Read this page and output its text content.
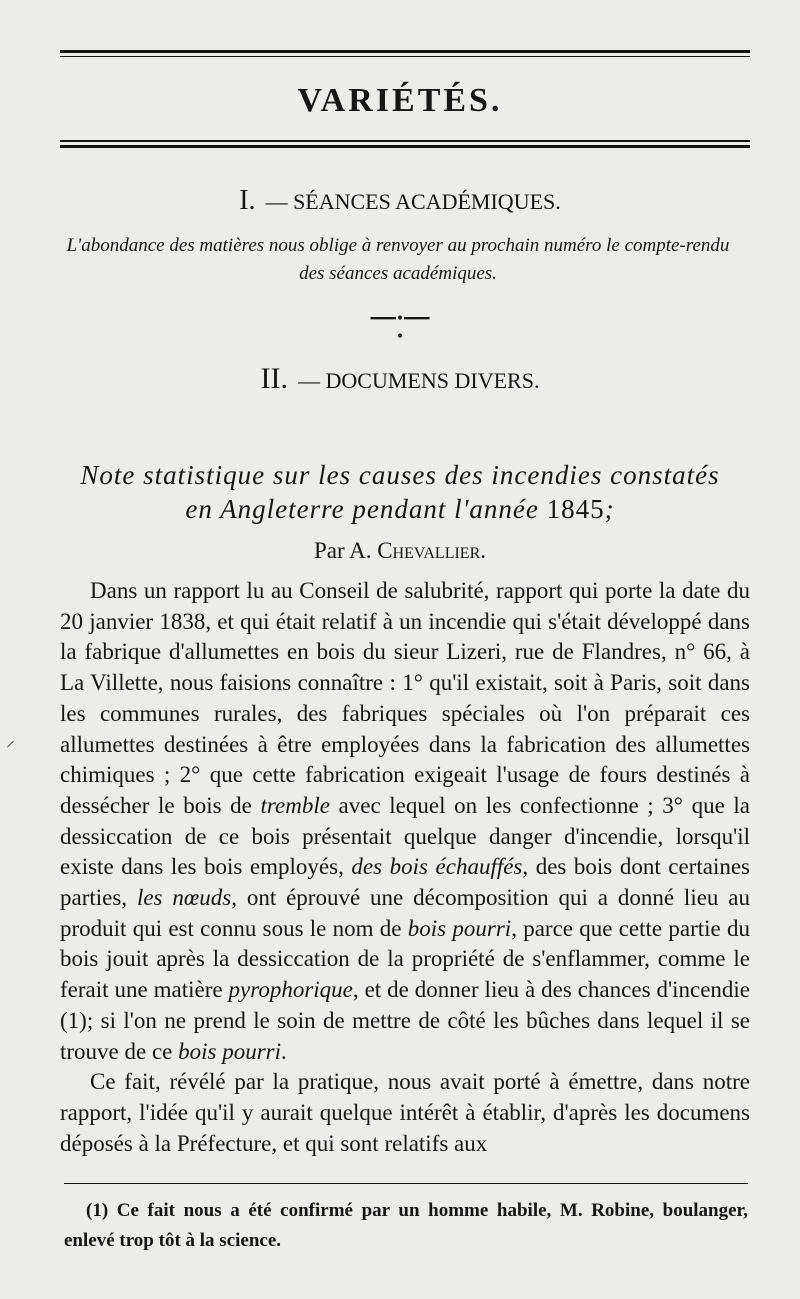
VARIÉTÉS.
I. — SÉANCES ACADÉMIQUES.
L'abondance des matières nous oblige à renvoyer au prochain numéro le compte-rendu des séances académiques.
━━━•━━━
•
II. — DOCUMENS DIVERS.
Note statistique sur les causes des incendies constatés
en Angleterre pendant l'année 1845;
Par A. Chevallier.

Dans un rapport lu au Conseil de salubrité, rapport qui porte la date du 20 janvier 1838, et qui était relatif à un incendie qui s'était développé dans la fabrique d'allumettes en bois du sieur Lizeri, rue de Flandres, n° 66, à La Villette, nous faisions connaître : 1° qu'il existait, soit à Paris, soit dans les communes rurales, des fabriques spéciales où l'on préparait ces allumettes destinées à être employées dans la fabrication des allumettes chimiques ; 2° que cette fabrication exigeait l'usage de fours destinés à dessécher le bois de tremble avec lequel on les confectionne ; 3° que la dessiccation de ce bois présentait quelque danger d'incendie, lorsqu'il existe dans les bois employés, des bois échauffés, des bois dont certaines parties, les nœuds, ont éprouvé une décomposition qui a donné lieu au produit qui est connu sous le nom de bois pourri, parce que cette partie du bois jouit après la dessiccation de la propriété de s'enflammer, comme le ferait une matière pyrophorique, et de donner lieu à des chances d'incendie (1); si l'on ne prend le soin de mettre de côté les bûches dans lequel il se trouve de ce bois pourri.

Ce fait, révélé par la pratique, nous avait porté à émettre, dans notre rapport, l'idée qu'il y aurait quelque intérêt à établir, d'après les documens déposés à la Préfecture, et qui sont relatifs aux

(1) Ce fait nous a été confirmé par un homme habile, M. Robine, boulanger, enlevé trop tôt à la science.

⸝
